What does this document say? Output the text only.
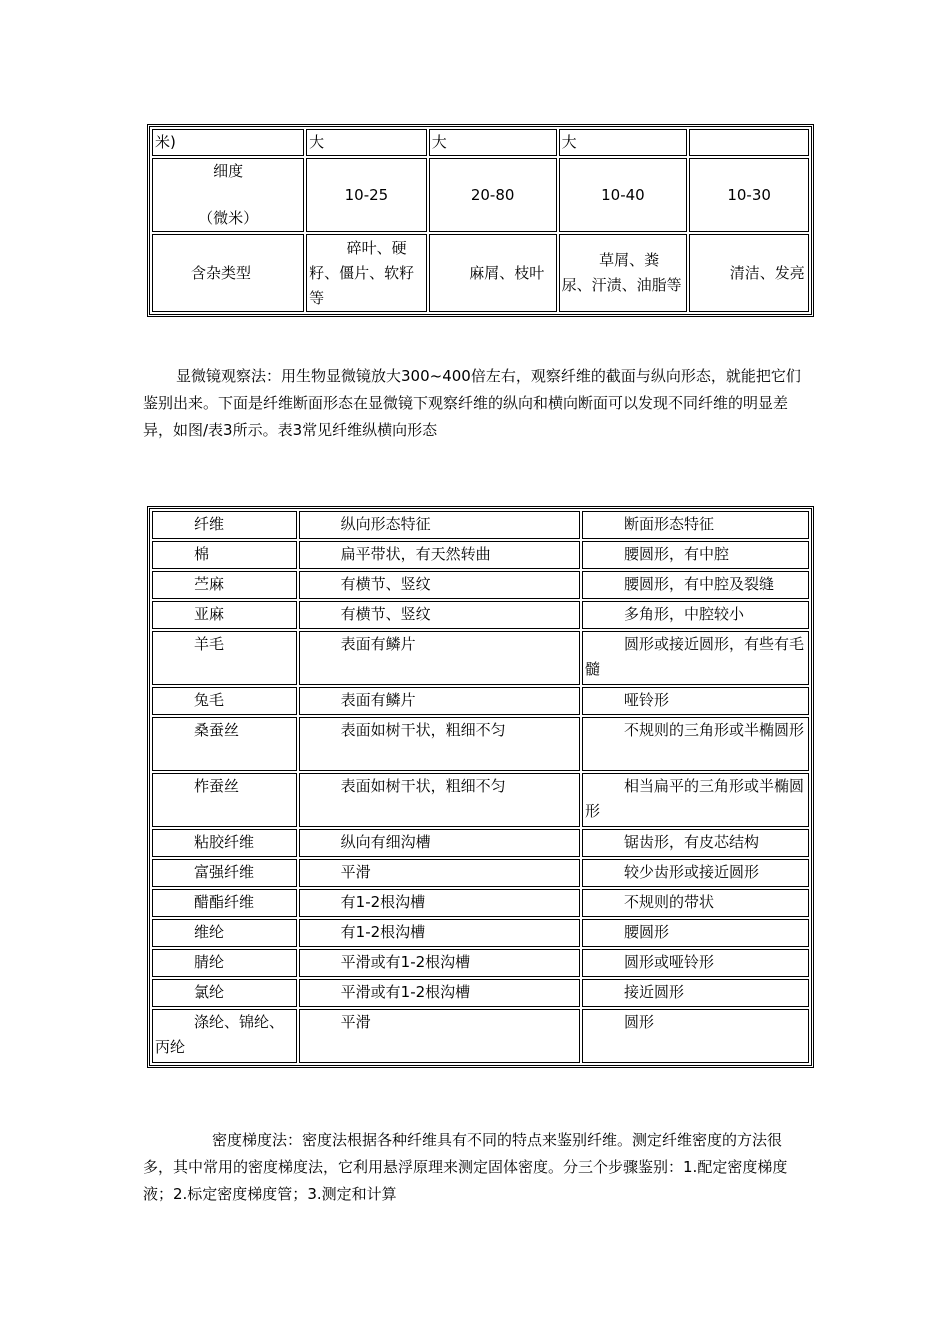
米)	大	大	大	

细度
（微米）	10-25	20-80	10-40	10-30
含杂类型	碎叶、硬籽、僵片、软籽等	麻屑、枝叶	草屑、粪尿、汗渍、油脂等	清洁、发亮

显微镜观察法：用生物显微镜放大300~400倍左右，观察纤维的截面与纵向形态，就能把它们鉴别出来。下面是纤维断面形态在显微镜下观察纤维的纵向和横向断面可以发现不同纤维的明显差异，如图/表3所示。表3常见纤维纵横向形态

纤维	纵向形态特征	断面形态特征

棉	扁平带状，有天然转曲	腰圆形，有中腔

苎麻	有横节、竖纹	腰圆形，有中腔及裂缝

亚麻	有横节、竖纹	多角形，中腔较小

羊毛	表面有鳞片	圆形或接近圆形，有些有毛髓

兔毛	表面有鳞片	哑铃形

桑蚕丝	表面如树干状，粗细不匀	不规则的三角形或半椭圆形

柞蚕丝	表面如树干状，粗细不匀	相当扁平的三角形或半椭圆形

粘胶纤维	纵向有细沟槽	锯齿形，有皮芯结构

富强纤维	平滑	较少齿形或接近圆形

醋酯纤维	有1-2根沟槽	不规则的带状

维纶	有1-2根沟槽	腰圆形

腈纶	平滑或有1-2根沟槽	圆形或哑铃形

氯纶	平滑或有1-2根沟槽	接近圆形

涤纶、锦纶、丙纶	平滑	圆形

密度梯度法：密度法根据各种纤维具有不同的特点来鉴别纤维。测定纤维密度的方法很多，其中常用的密度梯度法，它利用悬浮原理来测定固体密度。分三个步骤鉴别：1.配定密度梯度液；2.标定密度梯度管；3.测定和计算
